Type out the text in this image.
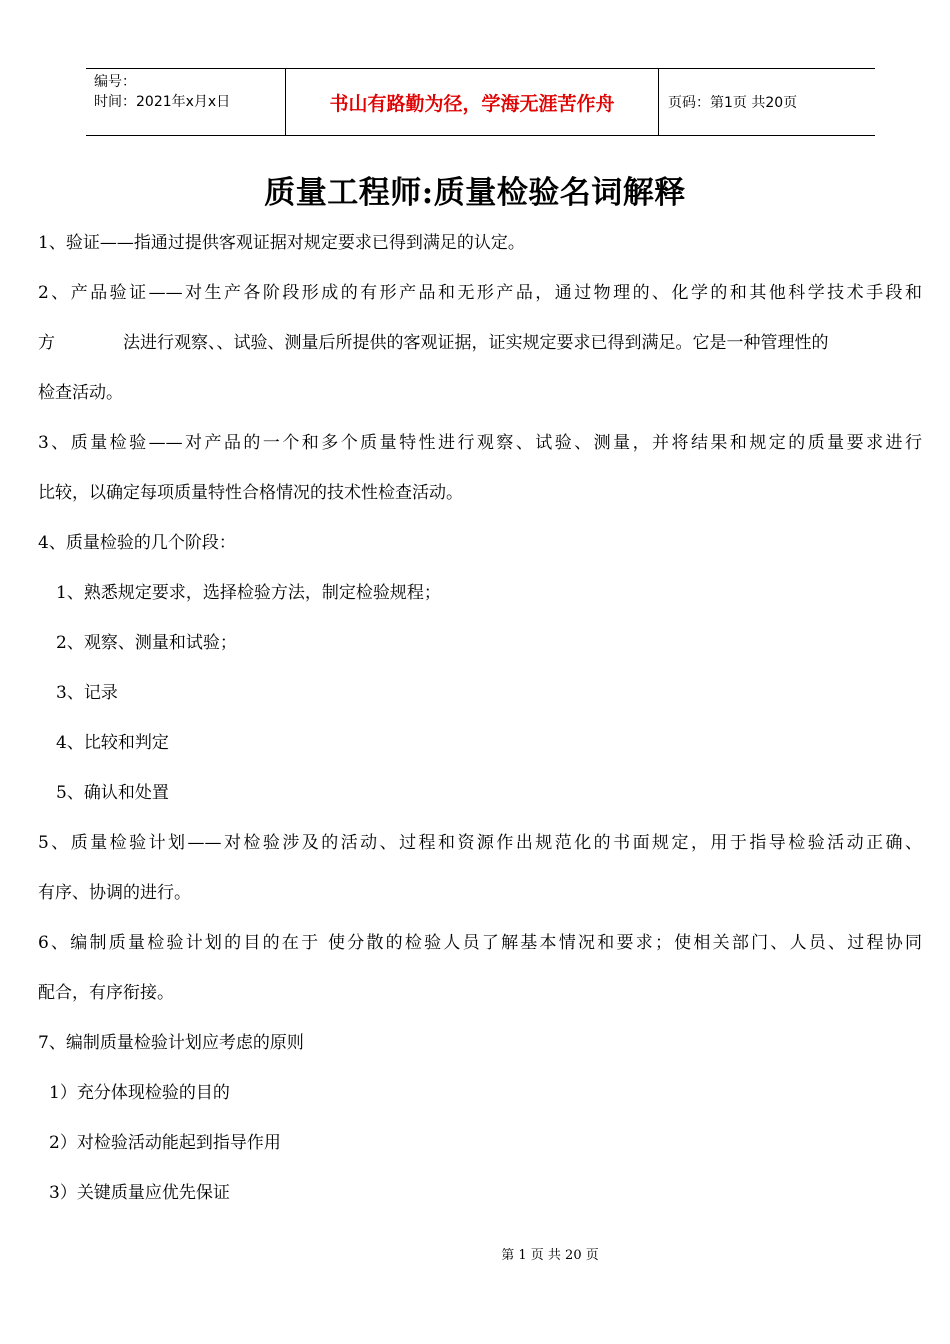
编号：
时间：2021年x月x日	书山有路勤为径，学海无涯苦作舟	页码：第1页 共20页
质量工程师:质量检验名词解释
1、验证——指通过提供客观证据对规定要求已得到满足的认定。
2、产品验证——对生产各阶段形成的有形产品和无形产品，通过物理的、化学的和其他科学技术手段和
方	法进行观察、、试验、测量后所提供的客观证据，证实规定要求已得到满足。它是一种管理性的
检查活动。
3、质量检验——对产品的一个和多个质量特性进行观察、试验、测量，并将结果和规定的质量要求进行
比较，以确定每项质量特性合格情况的技术性检查活动。
4、质量检验的几个阶段：
1、熟悉规定要求，选择检验方法，制定检验规程；
2、观察、测量和试验；
3、记录
4、比较和判定
5、确认和处置
5、质量检验计划——对检验涉及的活动、过程和资源作出规范化的书面规定，用于指导检验活动正确、
有序、协调的进行。
6、编制质量检验计划的目的在于 使分散的检验人员了解基本情况和要求；使相关部门、人员、过程协同
配合，有序衔接。
7、编制质量检验计划应考虑的原则
1）充分体现检验的目的
2）对检验活动能起到指导作用
3）关键质量应优先保证
第 1 页 共 20 页
